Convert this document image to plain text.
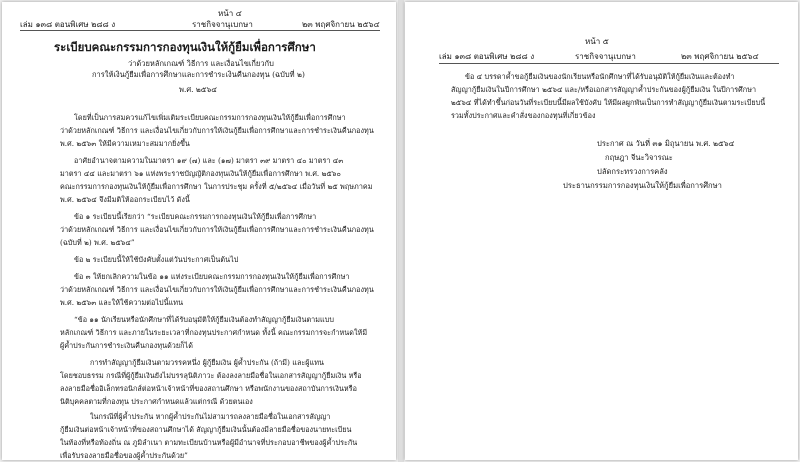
หน้า ๔
เล่ม ๑๓๘ ตอนพิเศษ ๒๘๘ ง	ราชกิจจานุเบกษา	๒๓ พฤศจิกายน ๒๕๖๔
ระเบียบคณะกรรมการกองทุนเงินให้กู้ยืมเพื่อการศึกษา
ว่าด้วยหลักเกณฑ์ วิธีการ และเงื่อนไขเกี่ยวกับ
การให้เงินกู้ยืมเพื่อการศึกษาและการชำระเงินคืนกองทุน (ฉบับที่ ๒)
พ.ศ. ๒๕๖๔
โดยที่เป็นการสมควรแก้ไขเพิ่มเติมระเบียบคณะกรรมการกองทุนเงินให้กู้ยืมเพื่อการศึกษา
ว่าด้วยหลักเกณฑ์ วิธีการ และเงื่อนไขเกี่ยวกับการให้เงินกู้ยืมเพื่อการศึกษาและการชำระเงินคืนกองทุน
พ.ศ. ๒๕๖๓ ให้มีความเหมาะสมมากยิ่งขึ้น
อาศัยอำนาจตามความในมาตรา ๑๙ (๗) และ (๑๗) มาตรา ๓๙ มาตรา ๔๐ มาตรา ๔๓
มาตรา ๔๔ และมาตรา ๖๑ แห่งพระราชบัญญัติกองทุนเงินให้กู้ยืมเพื่อการศึกษา พ.ศ. ๒๕๖๐
คณะกรรมการกองทุนเงินให้กู้ยืมเพื่อการศึกษา ในการประชุม ครั้งที่ ๕/๒๕๖๔ เมื่อวันที่ ๒๕ พฤษภาคม
พ.ศ. ๒๕๖๔ จึงมีมติให้ออกระเบียบไว้ ดังนี้
ข้อ ๑ ระเบียบนี้เรียกว่า “ระเบียบคณะกรรมการกองทุนเงินให้กู้ยืมเพื่อการศึกษา
ว่าด้วยหลักเกณฑ์ วิธีการ และเงื่อนไขเกี่ยวกับการให้เงินกู้ยืมเพื่อการศึกษาและการชำระเงินคืนกองทุน
(ฉบับที่ ๒) พ.ศ. ๒๕๖๔”
ข้อ ๒ ระเบียบนี้ให้ใช้บังคับตั้งแต่วันประกาศเป็นต้นไป
ข้อ ๓ ให้ยกเลิกความในข้อ ๑๑ แห่งระเบียบคณะกรรมการกองทุนเงินให้กู้ยืมเพื่อการศึกษา
ว่าด้วยหลักเกณฑ์ วิธีการ และเงื่อนไขเกี่ยวกับการให้เงินกู้ยืมเพื่อการศึกษาและการชำระเงินคืนกองทุน
พ.ศ. ๒๕๖๓ และให้ใช้ความต่อไปนี้แทน
“ข้อ ๑๑ นักเรียนหรือนักศึกษาที่ได้รับอนุมัติให้กู้ยืมเงินต้องทำสัญญากู้ยืมเงินตามแบบ
หลักเกณฑ์ วิธีการ และภายในระยะเวลาที่กองทุนประกาศกำหนด ทั้งนี้ คณะกรรมการจะกำหนดให้มี
ผู้ค้ำประกันการชำระเงินคืนกองทุนด้วยก็ได้
การทำสัญญากู้ยืมเงินตามวรรคหนึ่ง ผู้กู้ยืมเงิน ผู้ค้ำประกัน (ถ้ามี) และผู้แทน
โดยชอบธรรม กรณีที่ผู้กู้ยืมเงินยังไม่บรรลุนิติภาวะ ต้องลงลายมือชื่อในเอกสารสัญญากู้ยืมเงิน หรือ
ลงลายมือชื่ออิเล็กทรอนิกส์ต่อหน้าเจ้าหน้าที่ของสถานศึกษา หรือพนักงานของสถาบันการเงินหรือ
นิติบุคคลตามที่กองทุน ประกาศกำหนดแล้วแต่กรณี ด้วยตนเอง
ในกรณีที่ผู้ค้ำประกัน หากผู้ค้ำประกันไม่สามารถลงลายมือชื่อในเอกสารสัญญา
กู้ยืมเงินต่อหน้าเจ้าหน้าที่ของสถานศึกษาได้ สัญญากู้ยืมเงินนั้นต้องมีลายมือชื่อของนายทะเบียน
ในท้องที่หรือท้องถิ่น ณ ภูมิลำเนา ตามทะเบียนบ้านหรือผู้มีอำนาจที่ประกอบอาชีพของผู้ค้ำประกัน
เพื่อรับรองลายมือชื่อของผู้ค้ำประกันด้วย”
หน้า ๕
เล่ม ๑๓๘ ตอนพิเศษ ๒๘๘ ง	ราชกิจจานุเบกษา	๒๓ พฤศจิกายน ๒๕๖๔
ข้อ ๔ บรรดาค้ำขอกู้ยืมเงินของนักเรียนหรือนักศึกษาที่ได้รับอนุมัติให้กู้ยืมเงินและต้องทำ
สัญญากู้ยืมเงินในปีการศึกษา ๒๕๖๔ และ/หรือเอกสารสัญญาค้ำประกันของผู้กู้ยืมเงิน ในปีการศึกษา
๒๕๖๔ ที่ได้ทำขึ้นก่อนวันที่ระเบียบนี้มีผลใช้บังคับ ให้มีผลผูกพันเป็นการทำสัญญากู้ยืมเงินตามระเบียบนี้
รวมทั้งประกาศและคำสั่งของกองทุนที่เกี่ยวข้อง
ประกาศ ณ วันที่ ๓๑ มิถุนายน พ.ศ. ๒๕๖๔
กฤษฎา จีนะวิจารณะ
ปลัดกระทรวงการคลัง
ประธานกรรมการกองทุนเงินให้กู้ยืมเพื่อการศึกษา
